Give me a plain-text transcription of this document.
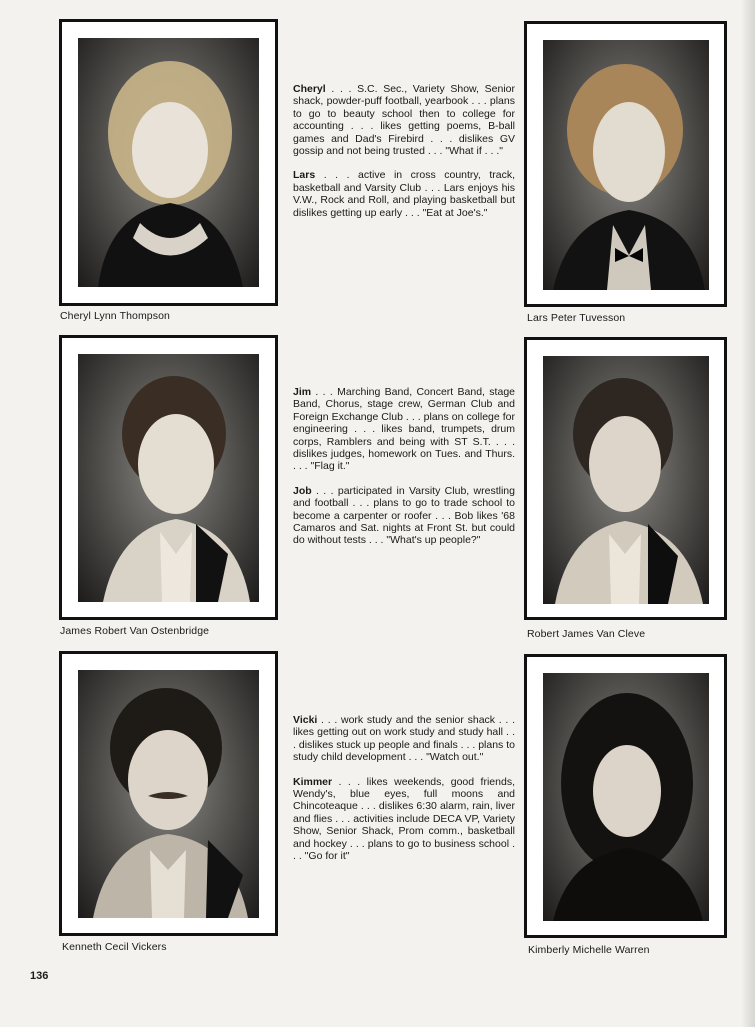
Cheryl Lynn Thompson

Cheryl . . . S.C. Sec., Variety Show, Senior shack, powder-puff football, yearbook . . . plans to go to beauty school then to college for accounting . . . likes getting poems, B-ball games and Dad's Firebird . . . dislikes GV gossip and not being trusted . . . "What if . . ."

Lars . . . active in cross country, track, basketball and Varsity Club . . . Lars enjoys his V.W., Rock and Roll, and playing basketball but dislikes getting up early . . . "Eat at Joe's."

Lars Peter Tuvesson
James Robert Van Ostenbridge

Jim . . . Marching Band, Concert Band, stage Band, Chorus, stage crew, German Club and Foreign Exchange Club . . . plans on college for engineering . . . likes band, trumpets, drum corps, Ramblers and being with ST S.T. . . . dislikes judges, homework on Tues. and Thurs. . . . "Flag it."

Job . . . participated in Varsity Club, wrestling and football . . . plans to go to trade school to become a carpenter or roofer . . . Bob likes '68 Camaros and Sat. nights at Front St. but could do without tests . . . "What's up people?"

Robert James Van Cleve
Kenneth Cecil Vickers

Vicki . . . work study and the senior shack . . . likes getting out on work study and study hall . . . dislikes stuck up people and finals . . . plans to study child development . . . "Watch out."

Kimmer . . . likes weekends, good friends, Wendy's, blue eyes, full moons and Chincoteaque . . . dislikes 6:30 alarm, rain, liver and flies . . . activities include DECA VP, Variety Show, Senior Shack, Prom comm., basketball and hockey . . . plans to go to business school . . . "Go for it"

Kimberly Michelle Warren
136
